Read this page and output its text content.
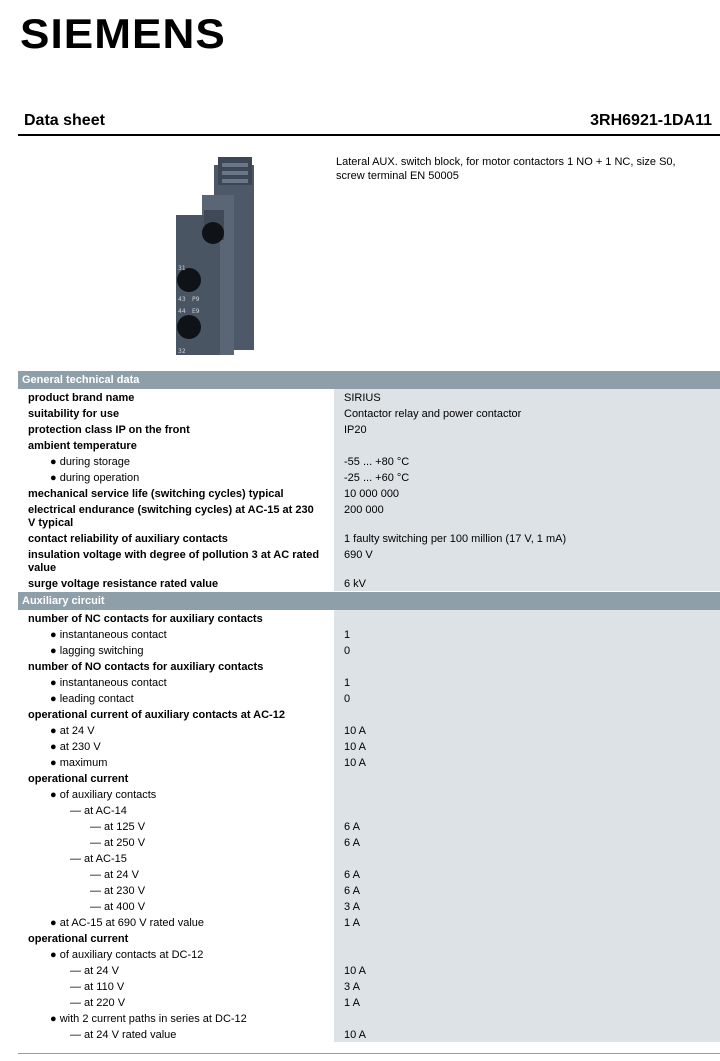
SIEMENS
Data sheet	3RH6921-1DA11
31
32
43
44
P9
E9
Lateral AUX. switch block, for motor contactors 1 NO + 1 NC, size S0, screw terminal EN 50005
General technical data
product brand name	SIRIUS
suitability for use	Contactor relay and power contactor
protection class IP on the front	IP20
ambient temperature
● during storage	-55 ... +80 °C
● during operation	-25 ... +60 °C
mechanical service life (switching cycles) typical	10 000 000
electrical endurance (switching cycles) at AC-15 at 230 V typical
200 000
contact reliability of auxiliary contacts	1 faulty switching per 100 million (17 V, 1 mA)
insulation voltage with degree of pollution 3 at AC rated value
690 V
surge voltage resistance rated value	6 kV
Auxiliary circuit
number of NC contacts for auxiliary contacts
● instantaneous contact	1
● lagging switching	0
number of NO contacts for auxiliary contacts
● instantaneous contact	1
● leading contact	0
operational current of auxiliary contacts at AC-12
● at 24 V	10 A
● at 230 V	10 A
● maximum	10 A
operational current
● of auxiliary contacts
— at AC-14
— at 125 V	6 A
— at 250 V	6 A
— at AC-15
— at 24 V	6 A
— at 230 V	6 A
— at 400 V	3 A
● at AC-15 at 690 V rated value	1 A
operational current
● of auxiliary contacts at DC-12
— at 24 V	10 A
— at 110 V	3 A
— at 220 V	1 A
● with 2 current paths in series at DC-12
— at 24 V rated value	10 A
